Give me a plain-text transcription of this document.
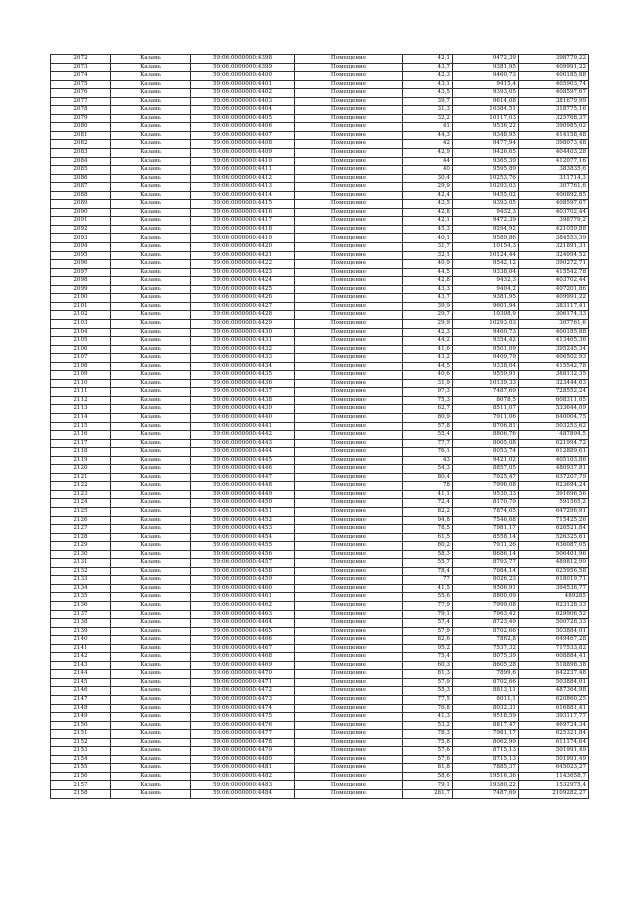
2072	Казань	59:06:0000000:4398	Помещение	42,1	9472,39	398779,22
2073	Казань	59:06:0000000:4399	Помещение	43,7	9381,95	409991,22
2074	Казань	59:06:0000000:4400	Помещение	42,3	9460,73	400185,88
2075	Казань	59:06:0000000:4401	Помещение	43,1	9415,4	405903,74
2076	Казань	59:06:0000000:4402	Помещение	43,5	9393,05	408597,67
2077	Казань	59:06:0000000:4403	Помещение	39,7	9614,08	381679,99
2078	Казань	59:06:0000000:4404	Помещение	31,3	10384,51	318775,16
2079	Казань	59:06:0000000:4405	Помещение	32,2	10117,03	325768,37
2080	Казань	59:06:0000000:4406	Помещение	41	9536,22	390985,02
2081	Казань	59:06:0000000:4407	Помещение	44,3	9348,95	414158,48
2082	Казань	59:06:0000000:4408	Помещение	42	9477,94	398073,48
2083	Казань	59:06:0000000:4409	Помещение	42,9	9426,65	404403,28
2084	Казань	59:06:0000000:4410	Помещение	44	9365,39	412077,16
2085	Казань	59:06:0000000:4411	Помещение	40	9595,89	383835,6
2086	Казань	59:06:0000000:4412	Помещение	30,4	10253,76	311714,3
2087	Казань	59:06:0000000:4413	Помещение	29,9	10293,03	307761,6
2088	Казань	59:06:0000000:4414	Помещение	42,4	9455,02	400892,85
2089	Казань	59:06:0000000:4415	Помещение	43,5	9393,05	408597,67
2090	Казань	59:06:0000000:4416	Помещение	42,8	9432,3	403702,44
2091	Казань	59:06:0000000:4417	Помещение	42,1	9472,39	398779,2
2092	Казань	59:06:0000000:4418	Помещение	45,3	9294,92	421059,88
2093	Казань	59:06:0000000:4419	Помещение	40,1	9589,86	384553,39
2094	Казань	59:06:0000000:4420	Помещение	31,7	10154,3	321891,31
2095	Казань	59:06:0000000:4421	Помещение	32,1	10124,44	324994,52
2096	Казань	59:06:0000000:4422	Помещение	40,9	9542,12	390272,71
2097	Казань	59:06:0000000:4423	Помещение	44,5	9338,04	415542,78
2098	Казань	59:06:0000000:4424	Помещение	42,8	9432,3	403702,44
2099	Казань	59:06:0000000:4425	Помещение	43,3	9404,2	407201,86
2100	Казань	59:06:0000000:4426	Помещение	43,7	9381,95	409991,22
2101	Казань	59:06:0000000:4427	Помещение	39,9	9601,94	383117,41
2102	Казань	59:06:0000000:4428	Помещение	29,7	10308,9	306174,33
2103	Казань	59:06:0000000:4429	Помещение	29,9	10293,03	307761,6
2104	Казань	59:06:0000000:4430	Помещение	42,3	9460,73	400185,88
2105	Казань	59:06:0000000:4431	Помещение	44,2	9354,42	413465,36
2106	Казань	59:06:0000000:4432	Помещение	41,6	9501,09	395245,34
2107	Казань	59:06:0000000:4433	Помещение	43,2	9409,79	406502,93
2108	Казань	59:06:0000000:4434	Помещение	44,5	9338,04	415542,78
2109	Казань	59:06:0000000:4435	Помещение	40,6	9559,91	388132,35
2110	Казань	59:06:0000000:4436	Помещение	31,9	10139,33	323444,63
2111	Казань	59:06:0000000:4437	Помещение	97,3	7487,69	728552,24
2112	Казань	59:06:0000000:4438	Помещение	75,3	8078,5	608311,05
2113	Казань	59:06:0000000:4439	Помещение	62,7	8511,07	533644,09
2114	Казань	59:06:0000000:4440	Помещение	80,9	7911,06	640004,75
2115	Казань	59:06:0000000:4441	Помещение	57,8	8706,81	503253,62
2116	Казань	59:06:0000000:4442	Помещение	55,4	8806,76	487894,5
2117	Казань	59:06:0000000:4443	Помещение	77,7	8005,08	621994,72
2118	Казань	59:06:0000000:4444	Помещение	76,1	8053,74	612889,61
2119	Казань	59:06:0000000:4445	Помещение	43	9421,02	405103,86
2120	Казань	59:06:0000000:4446	Помещение	54,3	8857,05	480937,81
2121	Казань	59:06:0000000:4447	Помещение	80,4	7925,47	637207,79
2122	Казань	59:06:0000000:4448	Помещение	78	7996,08	623694,24
2123	Казань	59:06:0000000:4449	Помещение	41,1	9530,33	391696,56
2124	Казань	59:06:0000000:4450	Помещение	72,4	8170,79	591565,2
2125	Казань	59:06:0000000:4451	Помещение	82,2	7874,65	647296,91
2126	Казань	59:06:0000000:4452	Помещение	94,8	7546,68	715425,26
2127	Казань	59:06:0000000:4453	Помещение	78,5	7981,17	626521,84
2128	Казань	59:06:0000000:4454	Помещение	61,5	8558,14	526325,61
2129	Казань	59:06:0000000:4455	Помещение	80,2	7931,26	636087,05
2130	Казань	59:06:0000000:4456	Помещение	58,3	8686,14	506401,96
2131	Казань	59:06:0000000:4457	Помещение	55,7	8793,77	489812,99
2132	Казань	59:06:0000000:4458	Помещение	78,4	7984,14	625956,58
2133	Казань	59:06:0000000:4459	Помещение	77	8026,23	618019,71
2134	Казань	59:06:0000000:4460	Помещение	41,5	9506,91	394536,77
2135	Казань	59:06:0000000:4461	Помещение	55,6	8800,09	489285
2136	Казань	59:06:0000000:4462	Помещение	77,9	7999,08	623128,33
2137	Казань	59:06:0000000:4463	Помещение	79,1	7963,42	629906,52
2138	Казань	59:06:0000000:4464	Помещение	57,4	8723,49	500728,33
2139	Казань	59:06:0000000:4465	Помещение	57,9	8702,66	503884,01
2140	Казань	59:06:0000000:4466	Помещение	82,6	7862,8	649467,28
2141	Казань	59:06:0000000:4467	Помещение	95,2	7537,32	717533,82
2142	Казань	59:06:0000000:4468	Помещение	75,4	8075,39	608884,41
2143	Казань	59:06:0000000:4469	Помещение	60,3	8605,28	518898,38
2144	Казань	59:06:0000000:4470	Помещение	81,3	7899,6	642237,48
2145	Казань	59:06:0000000:4471	Помещение	57,9	8702,66	503884,01
2146	Казань	59:06:0000000:4472	Помещение	55,3	8813,11	487364,98
2147	Казань	59:06:0000000:4473	Помещение	77,5	8011,1	620860,25
2148	Казань	59:06:0000000:4474	Помещение	76,8	8032,31	616881,41
2149	Казань	59:06:0000000:4475	Помещение	41,3	9518,59	393117,77
2150	Казань	59:06:0000000:4476	Помещение	53,2	8817,47	469724,34
2151	Казань	59:06:0000000:4477	Помещение	78,3	7981,17	625321,84
2152	Казань	59:06:0000000:4478	Помещение	75,8	8062,99	611174,64
2153	Казань	59:06:0000000:4479	Помещение	57,6	8715,13	501991,49
2154	Казань	59:06:0000000:4480	Помещение	57,6	8715,13	501991,49
2155	Казань	59:06:0000000:4481	Помещение	81,8	7885,37	645023,27
2156	Казань	59:06:0000000:4482	Помещение	58,6	19516,36	1143658,7
2157	Казань	59:06:0000000:4483	Помещение	79,1	19380,22	1532975,4
2158	Казань	59:06:0000000:4484	Помещение	281,7	7487,69	2109282,27
